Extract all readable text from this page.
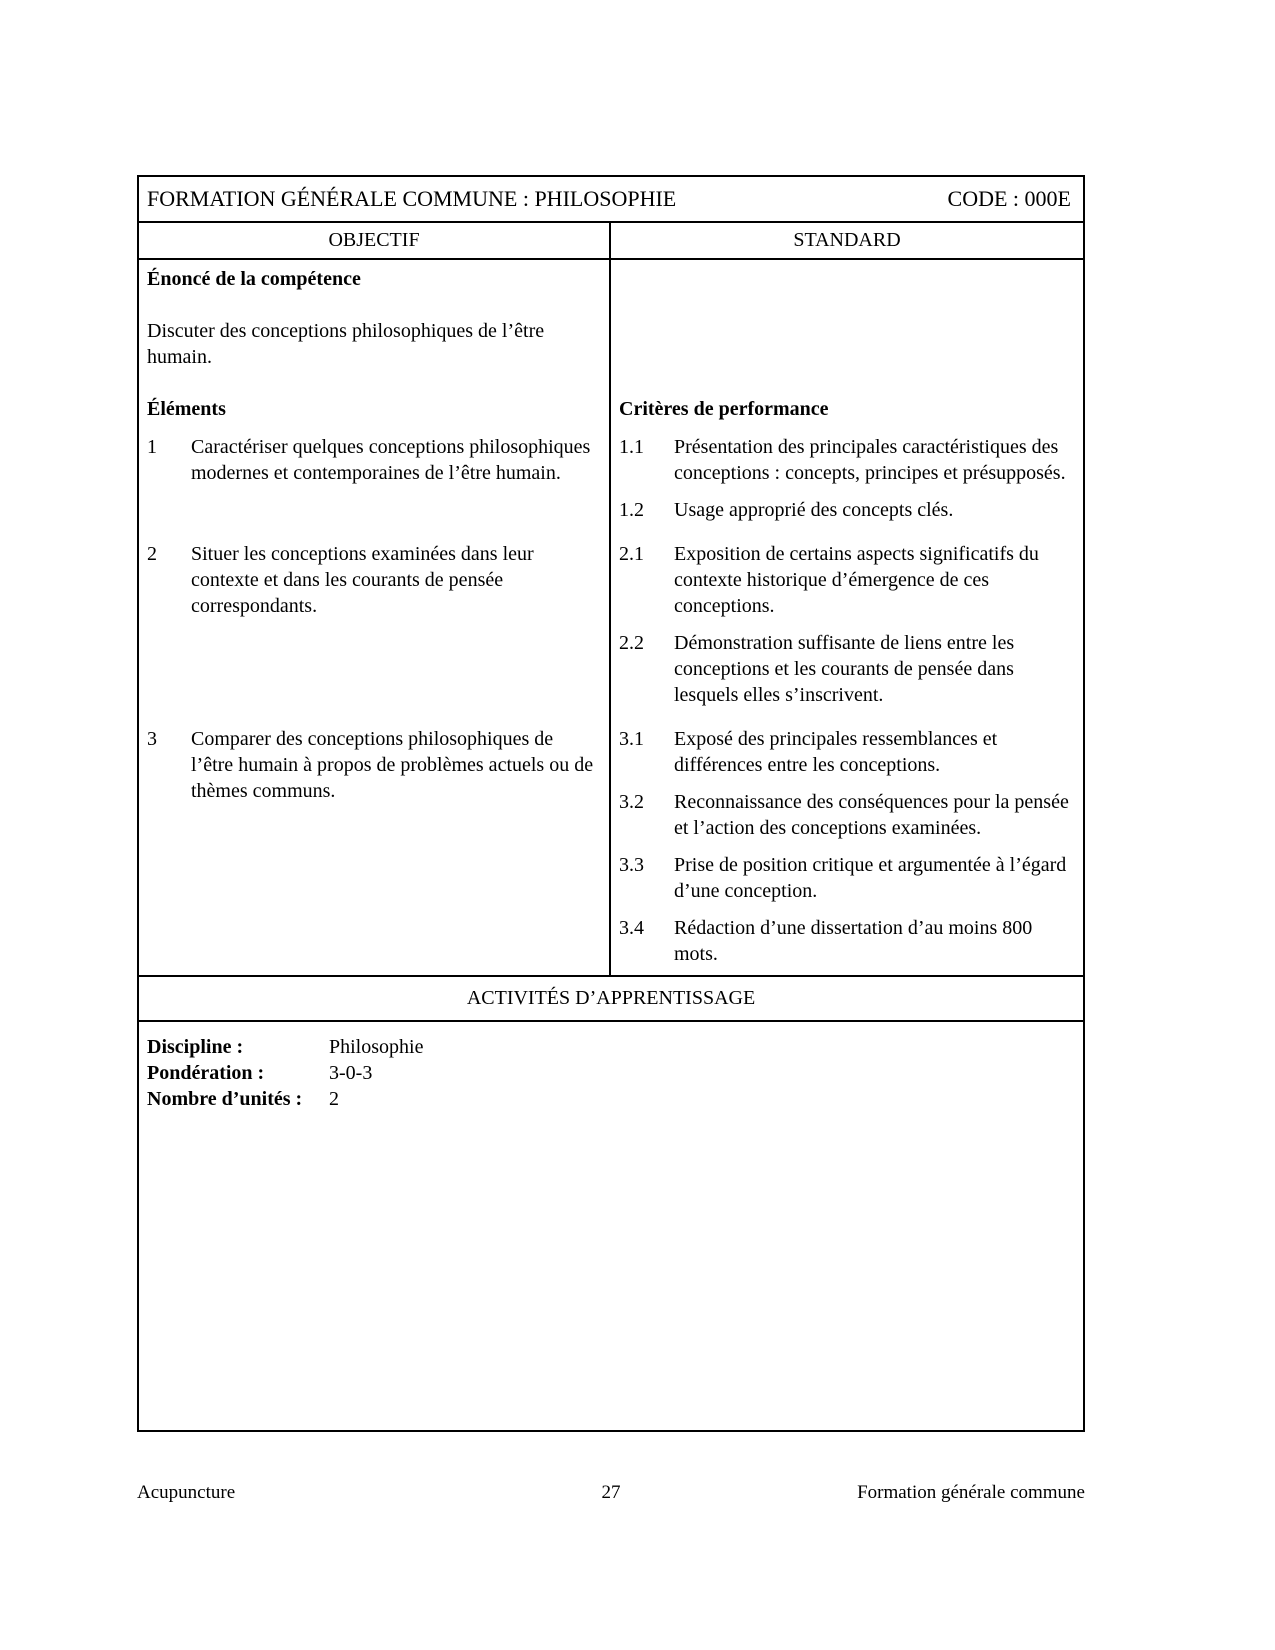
FORMATION GÉNÉRALE COMMUNE : PHILOSOPHIE	CODE : 000E
OBJECTIF	STANDARD
Énoncé de la compétence
Discuter des conceptions philosophiques de l’être humain.
Éléments	Critères de performance
1	Caractériser quelques conceptions philosophiques modernes et contemporaines de l’être humain.
1.1	Présentation des principales caractéristiques des conceptions : concepts, principes et présupposés.
1.2	Usage approprié des concepts clés.
2	Situer les conceptions examinées dans leur contexte et dans les courants de pensée correspondants.
2.1	Exposition de certains aspects significatifs du contexte historique d’émergence de ces conceptions.
2.2	Démonstration suffisante de liens entre les conceptions et les courants de pensée dans lesquels elles s’inscrivent.
3	Comparer des conceptions philosophiques de l’être humain à propos de problèmes actuels ou de thèmes communs.
3.1	Exposé des principales ressemblances et différences entre les conceptions.
3.2	Reconnaissance des conséquences pour la pensée et l’action des conceptions examinées.
3.3	Prise de position critique et argumentée à l’égard d’une conception.
3.4	Rédaction d’une dissertation d’au moins 800 mots.
ACTIVITÉS D’APPRENTISSAGE
Discipline :	Philosophie
Pondération :	3-0-3
Nombre d’unités :	2
Acupuncture	27	Formation générale commune
